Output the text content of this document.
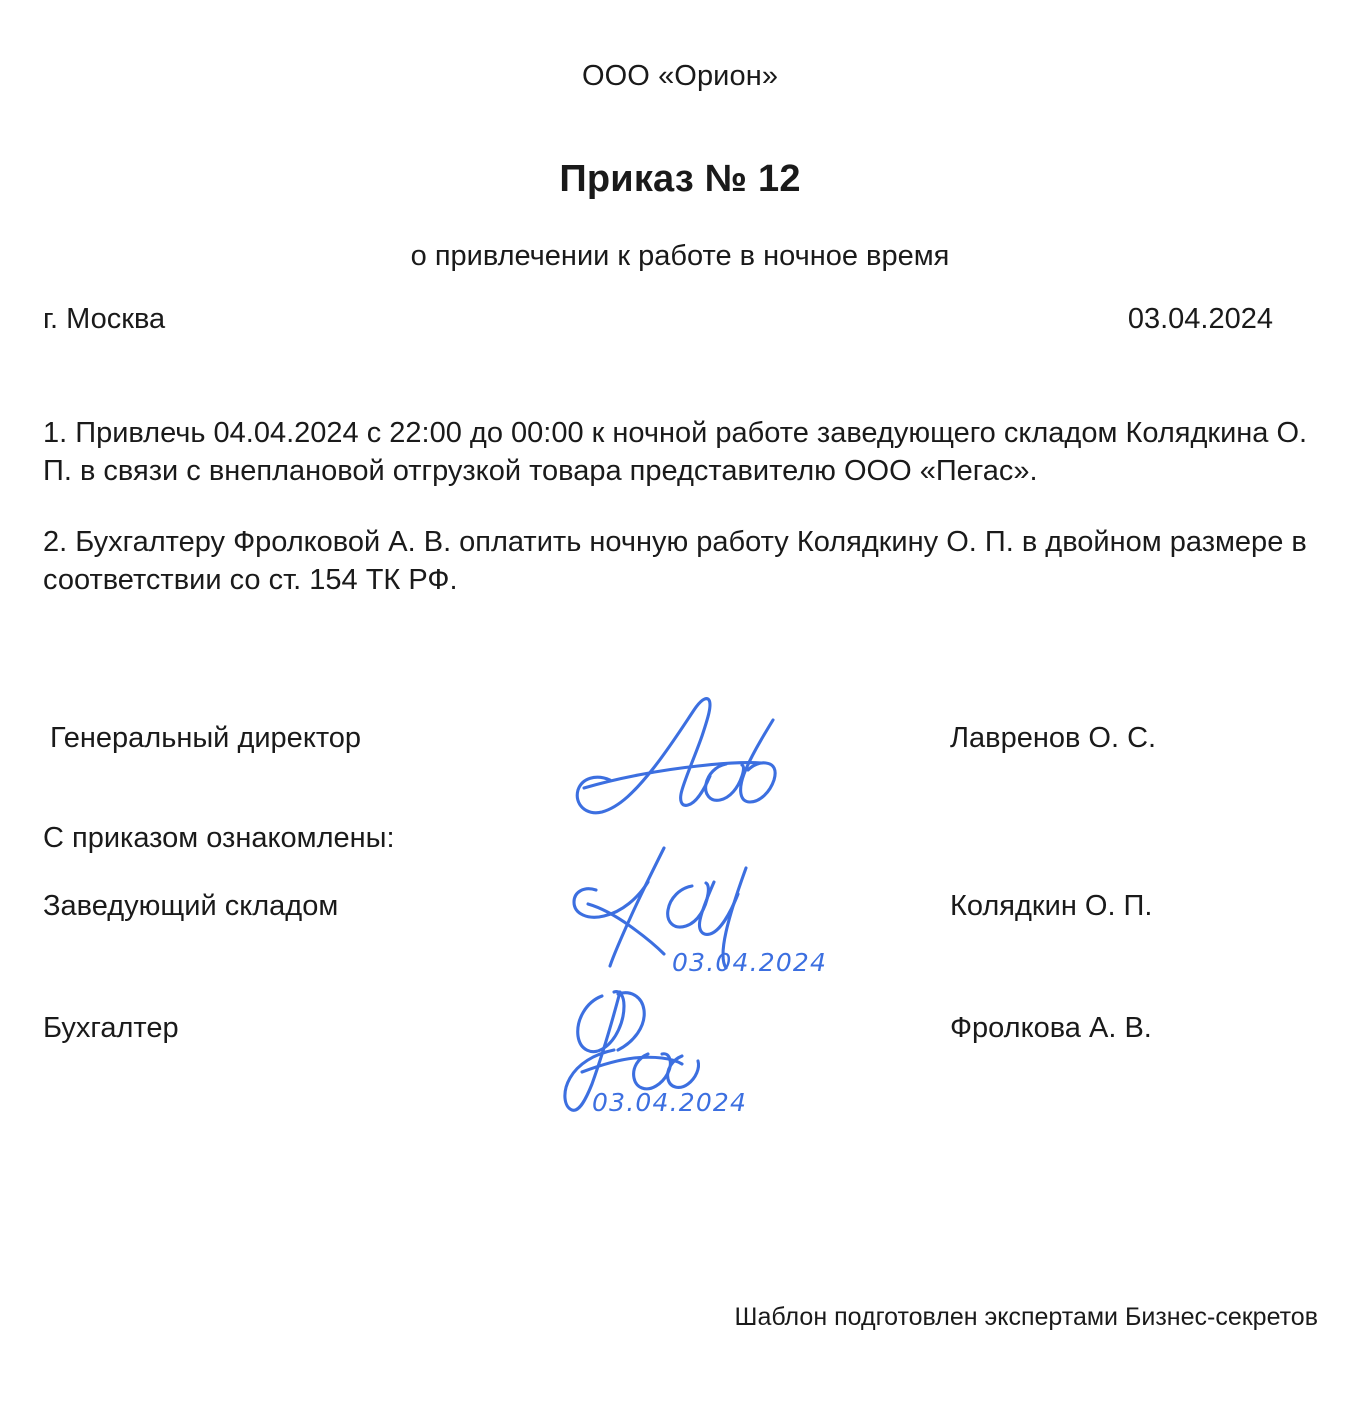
ООО «Орион»
Приказ № 12
о привлечении к работе в ночное время
г. Москва	03.04.2024

1. Привлечь 04.04.2024 с 22:00 до 00:00 к ночной работе заведующего складом Колядкина О. П. в связи с внеплановой отгрузкой товара представителю ООО «Пегас».

2. Бухгалтеру Фролковой А. В. оплатить ночную работу Колядкину О. П. в двойном размере в соответствии со ст. 154 ТК РФ.

Генеральный директор	Лавренов О. С.
С приказом ознакомлены:
Заведующий складом	Колядкин О. П.
03.04.2024
Бухгалтер	Фролкова А. В.
03.04.2024
Шаблон подготовлен экспертами Бизнес-секретов
